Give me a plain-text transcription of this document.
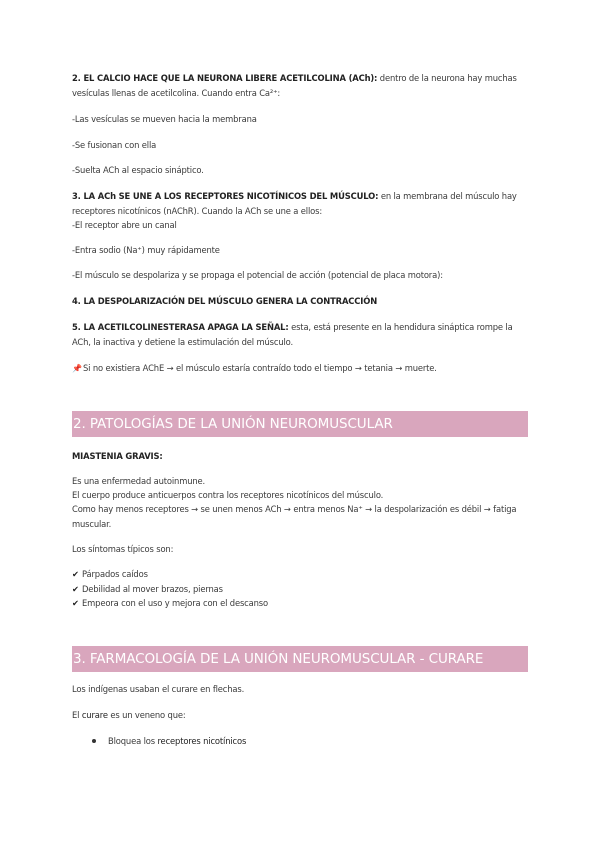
2. EL CALCIO HACE QUE LA NEURONA LIBERE ACETILCOLINA (ACh): dentro de la neurona hay muchas vesículas llenas de acetilcolina. Cuando entra Ca²⁺:

-Las vesículas se mueven hacia la membrana

-Se fusionan con ella

-Suelta ACh al espacio sináptico.

3. LA ACh SE UNE A LOS RECEPTORES NICOTÍNICOS DEL MÚSCULO: en la membrana del músculo hay receptores nicotínicos (nAChR). Cuando la ACh se une a ellos:

-El receptor abre un canal

-Entra sodio (Na⁺) muy rápidamente

-El músculo se despolariza y se propaga el potencial de acción (potencial de placa motora):

4. LA DESPOLARIZACIÓN DEL MÚSCULO GENERA LA CONTRACCIÓN

5. LA ACETILCOLINESTERASA APAGA LA SEÑAL: esta, está presente en la hendidura sináptica rompe la ACh, la inactiva y detiene la estimulación del músculo.

📌Si no existiera AChE → el músculo estaría contraído todo el tiempo → tetania → muerte.

2. PATOLOGÍAS DE LA UNIÓN NEUROMUSCULAR

MIASTENIA GRAVIS:

Es una enfermedad autoinmune.

El cuerpo produce anticuerpos contra los receptores nicotínicos del músculo.

Como hay menos receptores → se unen menos ACh → entra menos Na⁺ → la despolarización es débil → fatiga muscular.

Los síntomas típicos son:

✔ Párpados caídos
✔ Debilidad al mover brazos, piernas
✔ Empeora con el uso y mejora con el descanso
3. FARMACOLOGÍA DE LA UNIÓN NEUROMUSCULAR - CURARE

Los indígenas usaban el curare en flechas.

El curare es un veneno que:

Bloquea los receptores nicotínicos
